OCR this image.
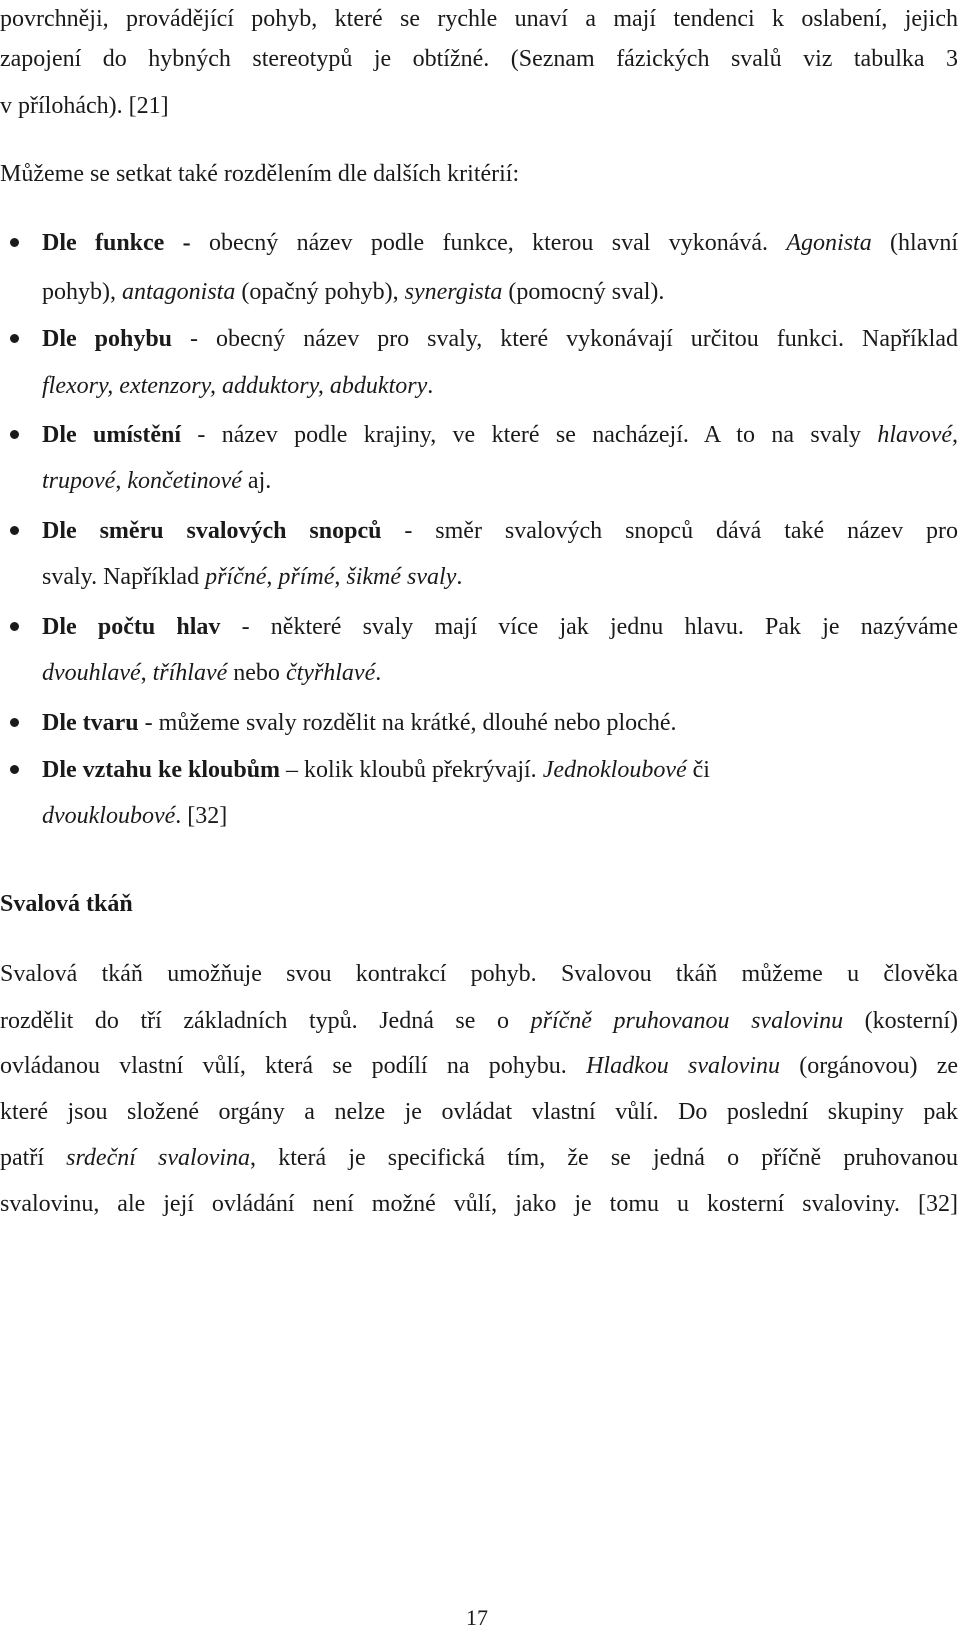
povrchněji, provádějící pohyb, které se rychle unaví a mají tendenci k oslabení, jejich
zapojení do hybných stereotypů je obtížné. (Seznam fázických svalů viz tabulka 3
v přílohách). [21]
Můžeme se setkat také rozdělením dle dalších kritérií:
Dle funkce - obecný název podle funkce, kterou sval vykonává. Agonista (hlavní
pohyb), antagonista (opačný pohyb), synergista (pomocný sval).
Dle pohybu - obecný název pro svaly, které vykonávají určitou funkci. Například
flexory, extenzory, adduktory, abduktory.
Dle umístění - název podle krajiny, ve které se nacházejí. A to na svaly hlavové,
trupové, končetinové aj.
Dle směru svalových snopců - směr svalových snopců dává také název pro
svaly. Například příčné, přímé, šikmé svaly.
Dle počtu hlav - některé svaly mají více jak jednu hlavu. Pak je nazýváme
dvouhlavé, tříhlavé nebo čtyřhlavé.
Dle tvaru - můžeme svaly rozdělit na krátké, dlouhé nebo ploché.
Dle vztahu ke kloubům – kolik kloubů překrývají. Jednokloubové či
dvoukloubové. [32]
Svalová tkáň
Svalová tkáň umožňuje svou kontrakcí pohyb. Svalovou tkáň můžeme u člověka
rozdělit do tří základních typů. Jedná se o příčně pruhovanou svalovinu (kosterní)
ovládanou vlastní vůlí, která se podílí na pohybu. Hladkou svalovinu (orgánovou) ze
které jsou složené orgány a nelze je ovládat vlastní vůlí. Do poslední skupiny pak
patří srdeční svalovina, která je specifická tím, že se jedná o příčně pruhovanou
svalovinu, ale její ovládání není možné vůlí, jako je tomu u kosterní svaloviny. [32]
17
